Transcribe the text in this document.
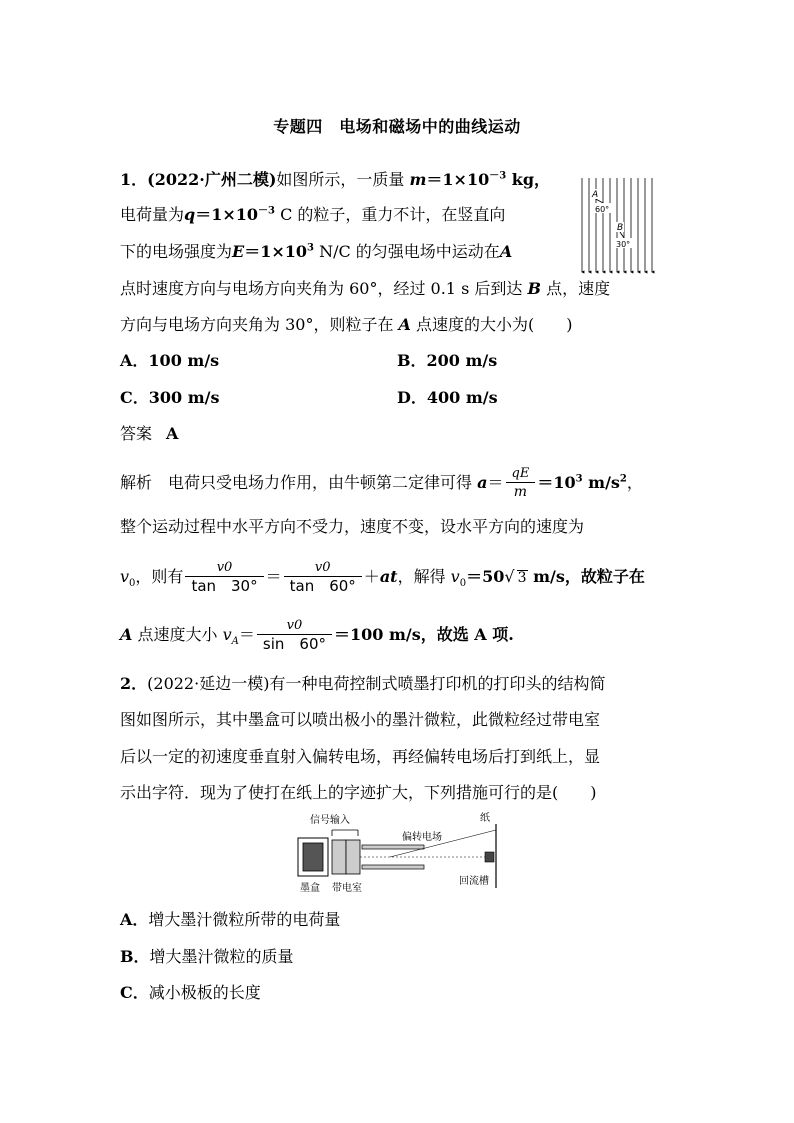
专题四　电场和磁场中的曲线运动
1．(2022·广州二模)如图所示，一质量 $m=1\times 10^{-3}$ kg，
电荷量为$q=1\times 10^{-3}$ C 的粒子，重力不计，在竖直向
下的电场强度为$E=1\times 10^3$ N/C 的匀强电场中运动在A
点时速度方向与电场方向夹角为 60°，经过 0.1 s 后到达 B 点，速度
方向与电场方向夹角为 30°，则粒子在 A 点速度的大小为(　　)
A
60°
B
30°
A．100 m/s	B．200 m/s
C．300 m/s	D．400 m/s
答案 A
解析 电荷只受电场力作用，由牛顿第二定律可得 $a= \frac{qE}{m} =10^3$ $m/s^2$，
整个运动过程中水平方向不受力，速度不变，设水平方向的速度为
$v_0$，则有 $\frac{v0}{\tan 30^\circ} = \frac{v0}{\tan 60^\circ} +at$，解得 $v_0=50√$ 3 m/s，故粒子在
A 点速度大小 $v_A= \frac{v0}{\sin 60^\circ} =100$ m/s，故选 A 项.
2．(2022·延边一模)有一种电荷控制式喷墨打印机的打印头的结构简
图如图所示，其中墨盒可以喷出极小的墨汁微粒，此微粒经过带电室
后以一定的初速度垂直射入偏转电场，再经偏转电场后打到纸上，显
示出字符．现为了使打在纸上的字迹扩大，下列措施可行的是(　　)
信号输入
偏转电场
纸
回流槽
墨盒 带电室
A．增大墨汁微粒所带的电荷量
B．增大墨汁微粒的质量
C．减小极板的长度
